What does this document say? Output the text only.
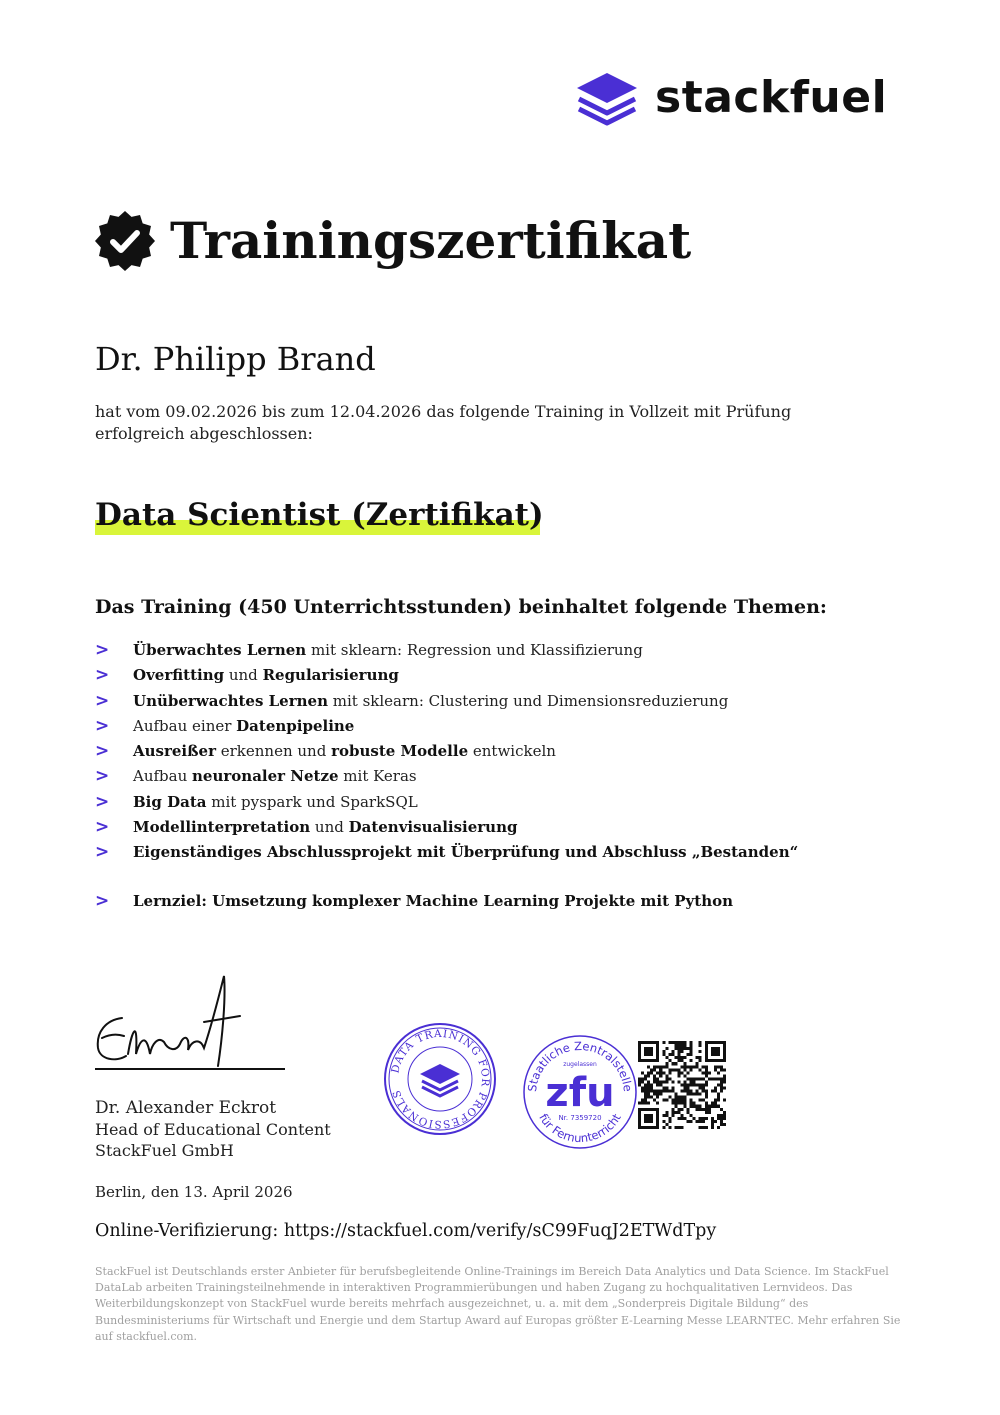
stackfuel
Trainingszertifikat
Dr. Philipp Brand
hat vom 09.02.2026 bis zum 12.04.2026 das folgende Training in Vollzeit mit Prüfung
erfolgreich abgeschlossen:
Data Scientist (Zertifikat)
Das Training (450 Unterrichtsstunden) beinhaltet folgende Themen:
>	Überwachtes Lernen mit sklearn: Regression und Klassifizierung
>	Overfitting und Regularisierung
>	Unüberwachtes Lernen mit sklearn: Clustering und Dimensionsreduzierung
>	Aufbau einer Datenpipeline
>	Ausreißer erkennen und robuste Modelle entwickeln
>	Aufbau neuronaler Netze mit Keras
>	Big Data mit pyspark und SparkSQL
>	Modellinterpretation und Datenvisualisierung
>	Eigenständiges Abschlussprojekt mit Überprüfung und Abschluss „Bestanden“
>	Lernziel: Umsetzung komplexer Machine Learning Projekte mit Python
Dr. Alexander Eckrot
Head of Educational Content
StackFuel GmbH
Berlin, den 13. April 2026
Online-Verifizierung: https://stackfuel.com/verify/sC99FuqJ2ETWdTpy
DATA TRAINING FOR PROFESSIONALS	Staatliche Zentralstelle
für Fernunterricht
zugelassen
zfu
Nr. 7359720
StackFuel ist Deutschlands erster Anbieter für berufsbegleitende Online-Trainings im Bereich Data Analytics und Data Science. Im StackFuel DataLab arbeiten Trainingsteilnehmende in interaktiven Programmierübungen und haben Zugang zu hochqualitativen Lernvideos. Das Weiterbildungskonzept von StackFuel wurde bereits mehrfach ausgezeichnet, u. a. mit dem „Sonderpreis Digitale Bildung“ des Bundesministeriums für Wirtschaft und Energie und dem Startup Award auf Europas größter E-Learning Messe LEARNTEC. Mehr erfahren Sie auf stackfuel.com.
